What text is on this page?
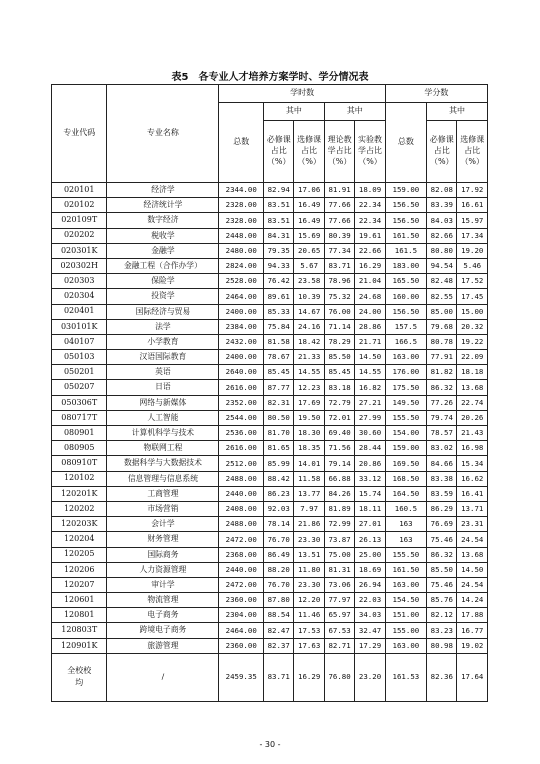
表5　各专业人才培养方案学时、学分情况表
专业代码	专业名称	学时数					学分数		
		总数	其中		其中		总数	其中	
			必修课占比（%）	选修课占比（%）	理论教学占比（%）	实验教学占比（%）		必修课占比（%）	选修课占比（%）
020101	经济学	2344.00	82.94	17.06	81.91	18.09	159.00	82.08	17.92
020102	经济统计学	2328.00	83.51	16.49	77.66	22.34	156.50	83.39	16.61
020109T	数字经济	2328.00	83.51	16.49	77.66	22.34	156.50	84.03	15.97
020202	税收学	2448.00	84.31	15.69	80.39	19.61	161.50	82.66	17.34
020301K	金融学	2480.00	79.35	20.65	77.34	22.66	161.5	80.80	19.20
020302H	金融工程（合作办学）	2824.00	94.33	5.67	83.71	16.29	183.00	94.54	5.46
020303	保险学	2528.00	76.42	23.58	78.96	21.04	165.50	82.48	17.52
020304	投资学	2464.00	89.61	10.39	75.32	24.68	160.00	82.55	17.45
020401	国际经济与贸易	2400.00	85.33	14.67	76.00	24.00	156.50	85.00	15.00
030101K	法学	2384.00	75.84	24.16	71.14	28.86	157.5	79.68	20.32
040107	小学教育	2432.00	81.58	18.42	78.29	21.71	166.5	80.78	19.22
050103	汉语国际教育	2400.00	78.67	21.33	85.50	14.50	163.00	77.91	22.09
050201	英语	2640.00	85.45	14.55	85.45	14.55	176.00	81.82	18.18
050207	日语	2616.00	87.77	12.23	83.18	16.82	175.50	86.32	13.68
050306T	网络与新媒体	2352.00	82.31	17.69	72.79	27.21	149.50	77.26	22.74
080717T	人工智能	2544.00	80.50	19.50	72.01	27.99	155.50	79.74	20.26
080901	计算机科学与技术	2536.00	81.70	18.30	69.40	30.60	154.00	78.57	21.43
080905	物联网工程	2616.00	81.65	18.35	71.56	28.44	159.00	83.02	16.98
080910T	数据科学与大数据技术	2512.00	85.99	14.01	79.14	20.86	169.50	84.66	15.34
120102	信息管理与信息系统	2488.00	88.42	11.58	66.88	33.12	168.50	83.38	16.62
120201K	工商管理	2440.00	86.23	13.77	84.26	15.74	164.50	83.59	16.41
120202	市场营销	2408.00	92.03	7.97	81.89	18.11	160.5	86.29	13.71
120203K	会计学	2488.00	78.14	21.86	72.99	27.01	163	76.69	23.31
120204	财务管理	2472.00	76.70	23.30	73.87	26.13	163	75.46	24.54
120205	国际商务	2368.00	86.49	13.51	75.00	25.00	155.50	86.32	13.68
120206	人力资源管理	2440.00	88.20	11.80	81.31	18.69	161.50	85.50	14.50
120207	审计学	2472.00	76.70	23.30	73.06	26.94	163.00	75.46	24.54
120601	物流管理	2360.00	87.80	12.20	77.97	22.03	154.50	85.76	14.24
120801	电子商务	2304.00	88.54	11.46	65.97	34.03	151.00	82.12	17.88
120803T	跨境电子商务	2464.00	82.47	17.53	67.53	32.47	155.00	83.23	16.77
120901K	旅游管理	2360.00	82.37	17.63	82.71	17.29	163.00	80.98	19.02
全校校均	/	2459.35	83.71	16.29	76.80	23.20	161.53	82.36	17.64
- 30 -
